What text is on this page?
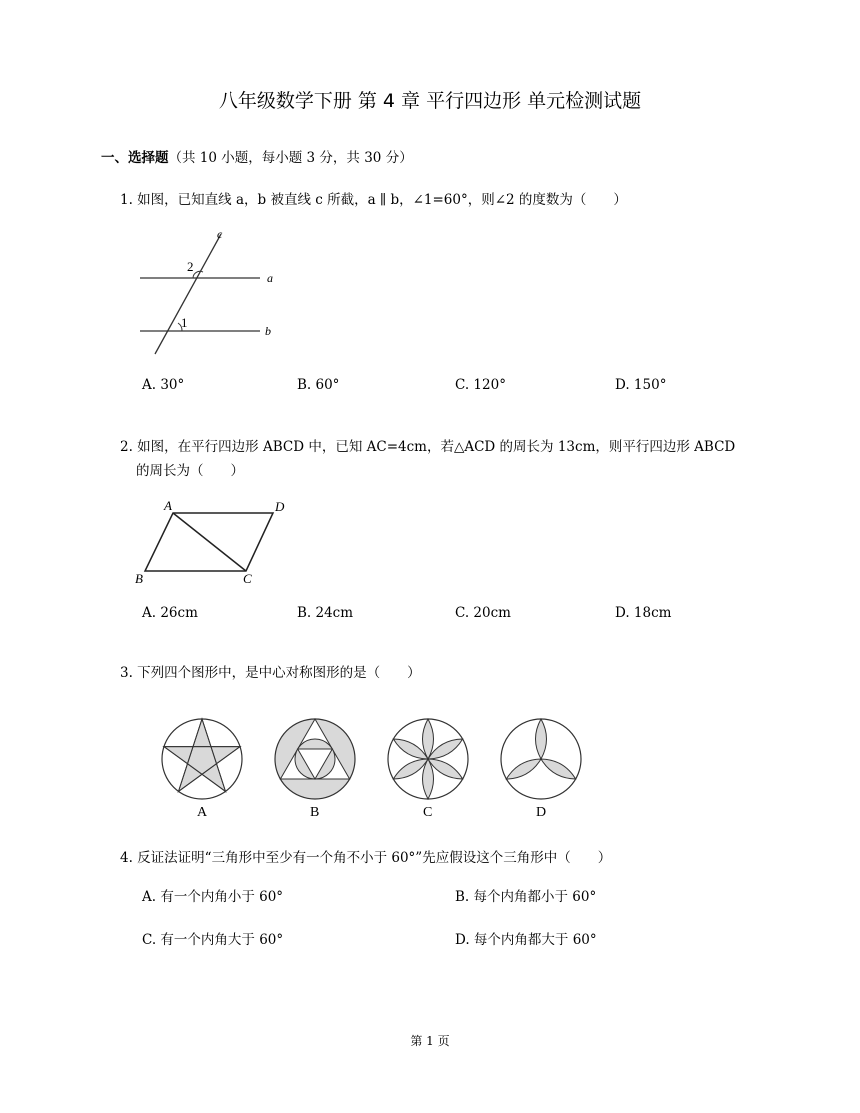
八年级数学下册 第 4 章 平行四边形 单元检测试题
一、选择题（共 10 小题，每小题 3 分，共 30 分）
1. 如图，已知直线 a，b 被直线 c 所截，a ∥ b，∠1=60°，则∠2 的度数为（　　）
c
a
b
2
1
A. 30°	B. 60°	C. 120°	D. 150°
2. 如图，在平行四边形 ABCD 中，已知 AC=4cm，若△ACD 的周长为 13cm，则平行四边形 ABCD
的周长为（　　）
A	D
B	C
A. 26cm	B. 24cm	C. 20cm	D. 18cm
3. 下列四个图形中，是中心对称图形的是（　　）
A	B	C	D
4. 反证法证明“三角形中至少有一个角不小于 60°”先应假设这个三角形中（　　）
A. 有一个内角小于 60°	B. 每个内角都小于 60°
C. 有一个内角大于 60°	D. 每个内角都大于 60°
第 1 页
